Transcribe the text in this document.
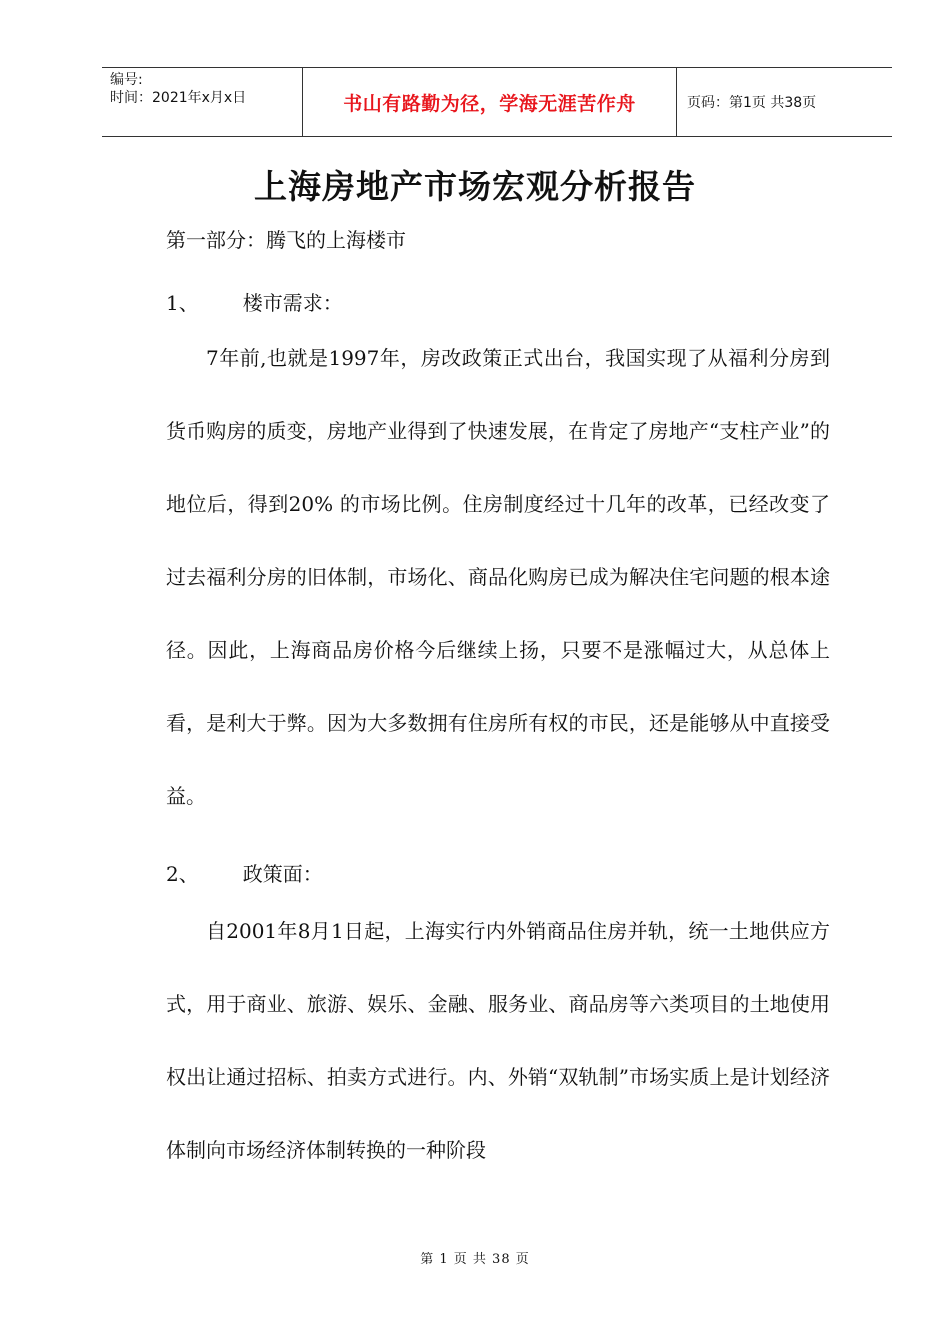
编号:
时间：2021年x月x日	书山有路勤为径，学海无涯苦作舟	页码：第1页 共38页
上海房地产市场宏观分析报告
第一部分：腾飞的上海楼市
1、 楼市需求：
7年前,也就是1997年，房改政策正式出台，我国实现了从福利分房到货币购房的质变，房地产业得到了快速发展，在肯定了房地产“支柱产业”的地位后，得到20% 的市场比例。住房制度经过十几年的改革，已经改变了过去福利分房的旧体制，市场化、商品化购房已成为解决住宅问题的根本途径。因此，上海商品房价格今后继续上扬，只要不是涨幅过大，从总体上看，是利大于弊。因为大多数拥有住房所有权的市民，还是能够从中直接受益。
2、 政策面：
自2001年8月1日起，上海实行内外销商品住房并轨，统一土地供应方式，用于商业、旅游、娱乐、金融、服务业、商品房等六类项目的土地使用权出让通过招标、拍卖方式进行。内、外销“双轨制”市场实质上是计划经济体制向市场经济体制转换的一种阶段
第 1 页 共 38 页
